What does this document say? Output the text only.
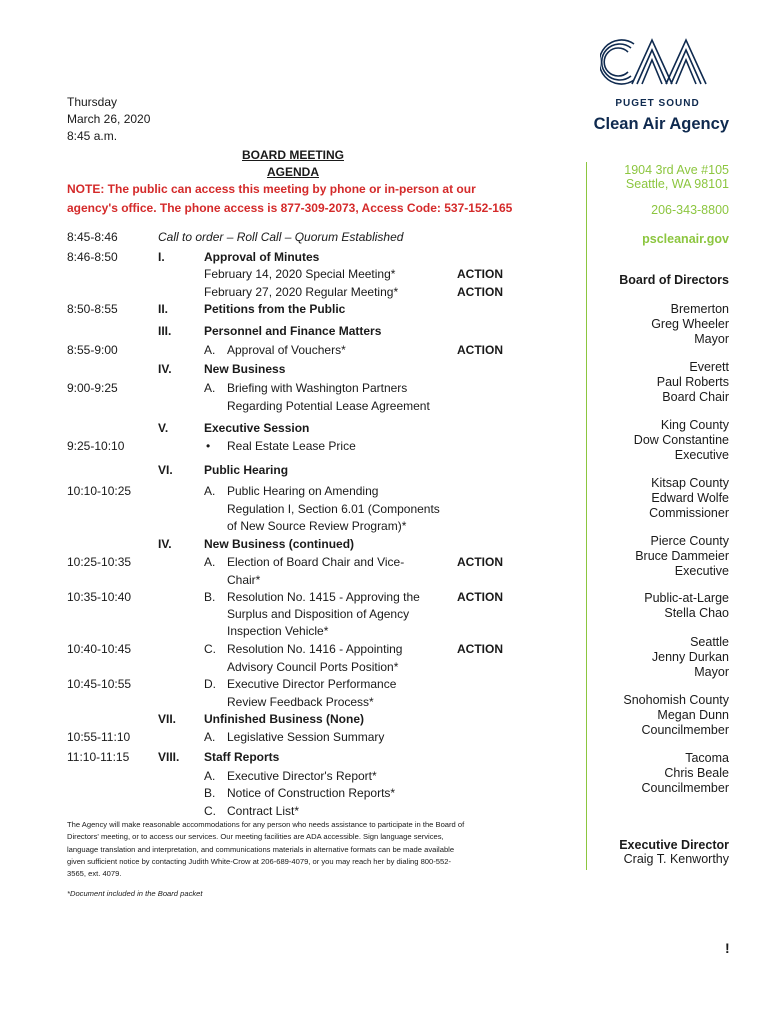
Thursday
March 26, 2020
8:45 a.m.
BOARD MEETING
AGENDA
NOTE: The public can access this meeting by phone or in-person at our
agency's office. The phone access is 877-309-2073, Access Code: 537-152-165
8:45-8:46	Call to order – Roll Call – Quorum Established
8:46-8:50	I.	Approval of Minutes
February 14, 2020 Special Meeting*	ACTION
February 27, 2020 Regular Meeting*	ACTION
8:50-8:55	II.	Petitions from the Public
III.	Personnel and Finance Matters
8:55-9:00	A. Approval of Vouchers*	ACTION
IV.	New Business
9:00-9:25	A. Briefing with Washington Partners
Regarding Potential Lease Agreement
V.	Executive Session
9:25-10:10	• Real Estate Lease Price
VI.	Public Hearing
10:10-10:25	A. Public Hearing on Amending
Regulation I, Section 6.01 (Components
of New Source Review Program)*
IV.	New Business (continued)
10:25-10:35	A. Election of Board Chair and Vice-	ACTION
Chair*
10:35-10:40	B. Resolution No. 1415 - Approving the	ACTION
Surplus and Disposition of Agency
Inspection Vehicle*
10:40-10:45	C. Resolution No. 1416 - Appointing	ACTION
Advisory Council Ports Position*
10:45-10:55	D. Executive Director Performance
Review Feedback Process*
VII. Unfinished Business (None)
10:55-11:10	A. Legislative Session Summary
11:10-11:15 VIII. Staff Reports
A. Executive Director's Report*
B. Notice of Construction Reports*
C. Contract List*
The Agency will make reasonable accommodations for any person who needs assistance to participate in the Board of
Directors' meeting, or to access our services. Our meeting facilities are ADA accessible. Sign language services,
language translation and interpretation, and communications materials in alternative formats can be made available
given sufficient notice by contacting Judith White-Crow at 206-689-4079, or you may reach her by dialing 800-552-
3565, ext. 4079.
*Document included in the Board packet
!
PUGET SOUND
Clean Air Agency
1904 3rd Ave #105
Seattle, WA 98101
206-343-8800
pscleanair.gov
Board of Directors
Bremerton
Greg Wheeler
Mayor
Everett
Paul Roberts
Board Chair
King County
Dow Constantine
Executive
Kitsap County
Edward Wolfe
Commissioner
Pierce County
Bruce Dammeier
Executive
Public-at-Large
Stella Chao
Seattle
Jenny Durkan
Mayor
Snohomish County
Megan Dunn
Councilmember
Tacoma
Chris Beale
Councilmember
Executive Director
Craig T. Kenworthy
